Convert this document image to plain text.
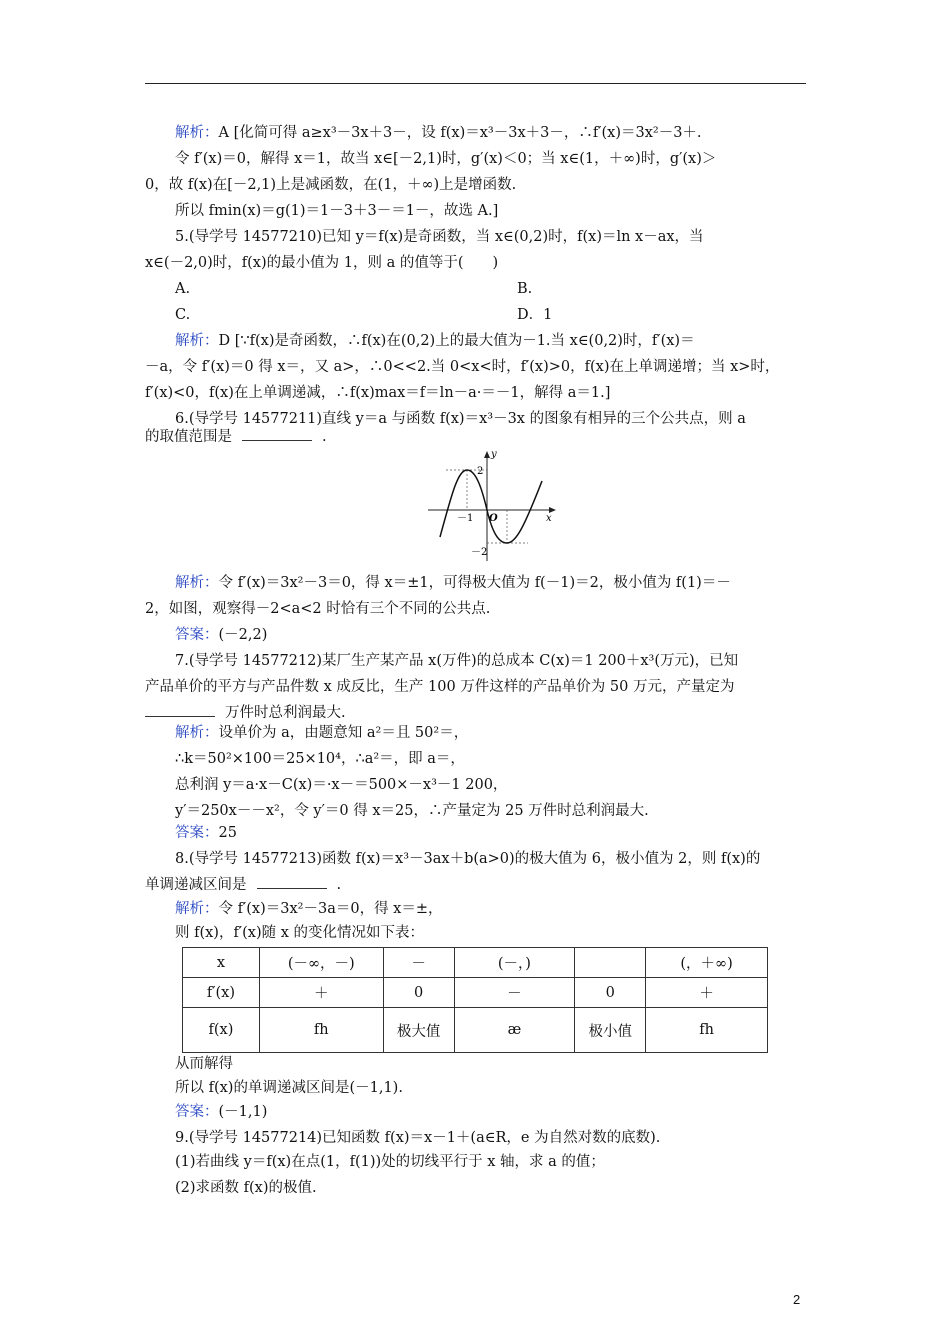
解析：A [化简可得 a≥x³－3x＋3－，设 f(x)＝x³－3x＋3－，∴f′(x)＝3x²－3＋.
令 f′(x)＝0，解得 x＝1，故当 x∈[－2,1)时，g′(x)＜0；当 x∈(1，＋∞)时，g′(x)＞
0，故 f(x)在[－2,1)上是减函数，在(1，＋∞)上是增函数.
所以 fmin(x)＝g(1)＝1－3＋3－＝1－，故选 A.]
5.(导学号 14577210)已知 y＝f(x)是奇函数，当 x∈(0,2)时，f(x)＝ln x－ax，当
x∈(－2,0)时，f(x)的最小值为 1，则 a 的值等于(　　)
A.	B.
C.	D．1
解析：D [∵f(x)是奇函数，∴f(x)在(0,2)上的最大值为－1.当 x∈(0,2)时，f′(x)＝
－a，令 f′(x)＝0 得 x＝，又 a>，∴0<<2.当 0<x<时，f′(x)>0，f(x)在上单调递增；当 x>时，
f′(x)<0，f(x)在上单调递减，∴f(x)max＝f＝ln－a·＝－1，解得 a＝1.]
6.(导学号 14577211)直线 y＝a 与函数 f(x)＝x³－3x 的图象有相异的三个公共点，则 a
的取值范围是	.
y
x
O
－1
2
－2
解析：令 f′(x)＝3x²－3＝0，得 x＝±1，可得极大值为 f(－1)＝2，极小值为 f(1)＝－
2，如图，观察得－2<a<2 时恰有三个不同的公共点.
答案：(－2,2)
7.(导学号 14577212)某厂生产某产品 x(万件)的总成本 C(x)＝1 200＋x³(万元)，已知
产品单价的平方与产品件数 x 成反比，生产 100 万件这样的产品单价为 50 万元，产量定为
万件时总利润最大.
解析：设单价为 a，由题意知 a²＝且 50²＝，
∴k＝50²×100＝25×10⁴，∴a²＝，即 a＝，
总利润 y＝a·x－C(x)＝·x－＝500×－x³－1 200，
y′＝250x－－x²，令 y′＝0 得 x＝25，∴产量定为 25 万件时总利润最大.
答案：25
8.(导学号 14577213)函数 f(x)＝x³－3ax＋b(a>0)的极大值为 6，极小值为 2，则 f(x)的
单调递减区间是	.
解析：令 f′(x)＝3x²－3a＝0，得 x＝±，
则 f(x)，f′(x)随 x 的变化情况如下表：
x	(－∞，－)	－	(－，)		(，＋∞)
f′(x)	＋	0	－	0	＋
f(x)	fh	极大值	æ	极小值	fh
从而解得
所以 f(x)的单调递减区间是(－1,1).
答案：(－1,1)
9.(导学号 14577214)已知函数 f(x)＝x－1＋(a∈R，e 为自然对数的底数).
(1)若曲线 y＝f(x)在点(1，f(1))处的切线平行于 x 轴，求 a 的值；
(2)求函数 f(x)的极值.
2
